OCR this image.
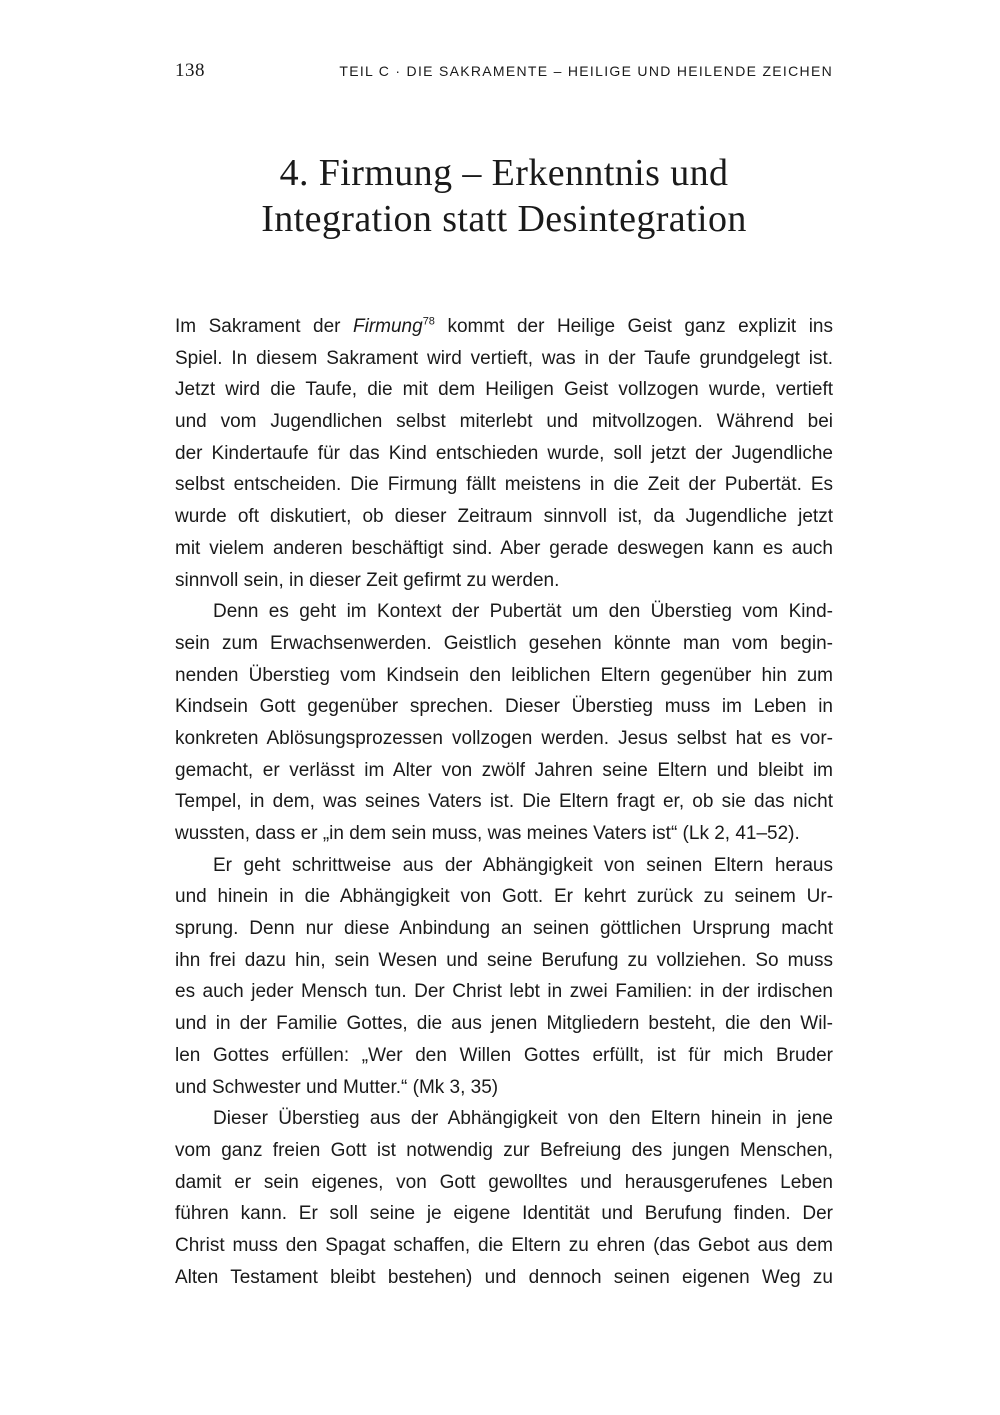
138	TEIL C · DIE SAKRAMENTE – HEILIGE UND HEILENDE ZEICHEN
4. Firmung – Erkenntnis und
Integration statt Desintegration
Im Sakrament der Firmung$^{78}$ kommt der Heilige Geist ganz explizit ins
Spiel. In diesem Sakrament wird vertieft, was in der Taufe grundgelegt ist.
Jetzt wird die Taufe, die mit dem Heiligen Geist vollzogen wurde, vertieft
und vom Jugendlichen selbst miterlebt und mitvollzogen. Während bei
der Kindertaufe für das Kind entschieden wurde, soll jetzt der Jugendliche
selbst entscheiden. Die Firmung fällt meistens in die Zeit der Pubertät. Es
wurde oft diskutiert, ob dieser Zeitraum sinnvoll ist, da Jugendliche jetzt
mit vielem anderen beschäftigt sind. Aber gerade deswegen kann es auch
sinnvoll sein, in dieser Zeit gefirmt zu werden.
Denn es geht im Kontext der Pubertät um den Überstieg vom Kind-
sein zum Erwachsenwerden. Geistlich gesehen könnte man vom begin-
nenden Überstieg vom Kindsein den leiblichen Eltern gegenüber hin zum
Kindsein Gott gegenüber sprechen. Dieser Überstieg muss im Leben in
konkreten Ablösungsprozessen vollzogen werden. Jesus selbst hat es vor-
gemacht, er verlässt im Alter von zwölf Jahren seine Eltern und bleibt im
Tempel, in dem, was seines Vaters ist. Die Eltern fragt er, ob sie das nicht
wussten, dass er „in dem sein muss, was meines Vaters ist“ (Lk 2, 41–52).
Er geht schrittweise aus der Abhängigkeit von seinen Eltern heraus
und hinein in die Abhängigkeit von Gott. Er kehrt zurück zu seinem Ur-
sprung. Denn nur diese Anbindung an seinen göttlichen Ursprung macht
ihn frei dazu hin, sein Wesen und seine Berufung zu vollziehen. So muss
es auch jeder Mensch tun. Der Christ lebt in zwei Familien: in der irdischen
und in der Familie Gottes, die aus jenen Mitgliedern besteht, die den Wil-
len Gottes erfüllen: „Wer den Willen Gottes erfüllt, ist für mich Bruder
und Schwester und Mutter.“ (Mk 3, 35)
Dieser Überstieg aus der Abhängigkeit von den Eltern hinein in jene
vom ganz freien Gott ist notwendig zur Befreiung des jungen Menschen,
damit er sein eigenes, von Gott gewolltes und herausgerufenes Leben
führen kann. Er soll seine je eigene Identität und Berufung finden. Der
Christ muss den Spagat schaffen, die Eltern zu ehren (das Gebot aus dem
Alten Testament bleibt bestehen) und dennoch seinen eigenen Weg zu
